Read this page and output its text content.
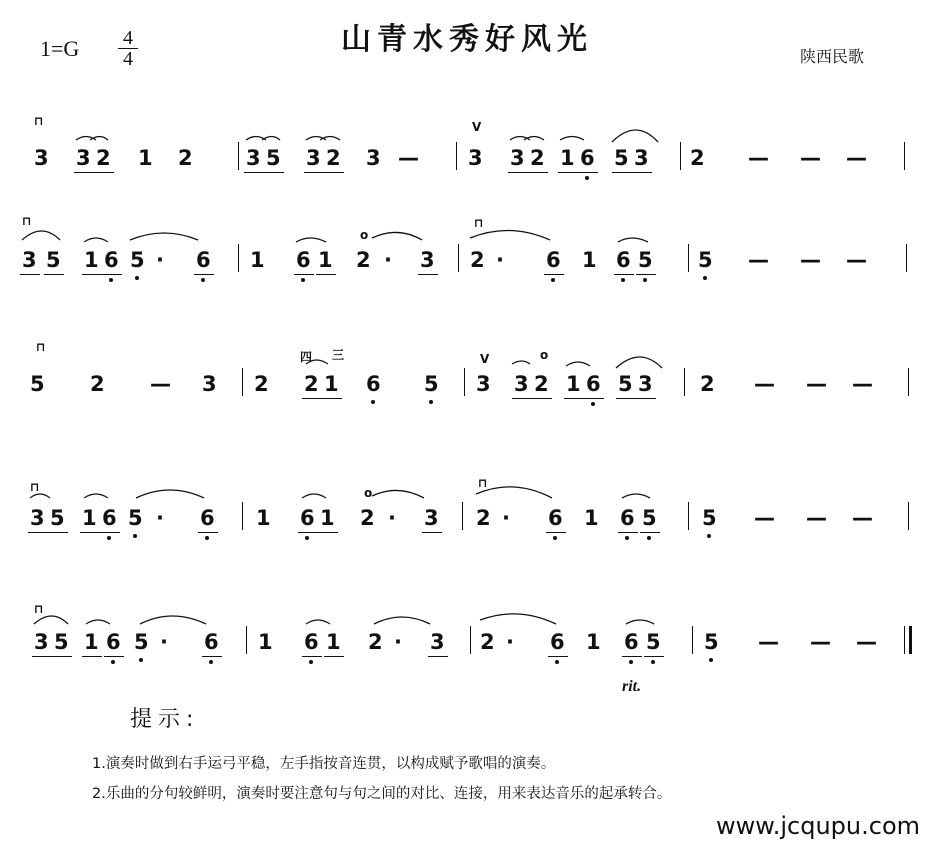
山青水秀好风光
1=G 4
4	陕西民歌
3 3 2 1 2	3 5 3 2 3 — 3 3 2 1 6 5 3 2 — — —
3 5 1 6 5 · 6 1 6 1 2 · 3 2 · 6 1 6 5 5 — — —
5 2 — 3 2 2 1 6 5 3 3 2 1 6 5 3 2 — — —
3 5 1 6 5 · 6 1 6 1 2 · 3 2 · 6 1 6 5 5 — — —
3 5 1 6 5 · 6 1 6 1 2 · 3 2 · 6 1 6 5 5 — — —
⊓	V
⊓
o
⊓
⊓
四 三	V	o
⊓	o
⊓
⊓
rit.
提示:
1.演奏时做到右手运弓平稳，左手指按音连贯，以构成赋予歌唱的演奏。
2.乐曲的分句较鲜明，演奏时要注意句与句之间的对比、连接，用来表达音乐的起承转合。
www.jcqupu.com
